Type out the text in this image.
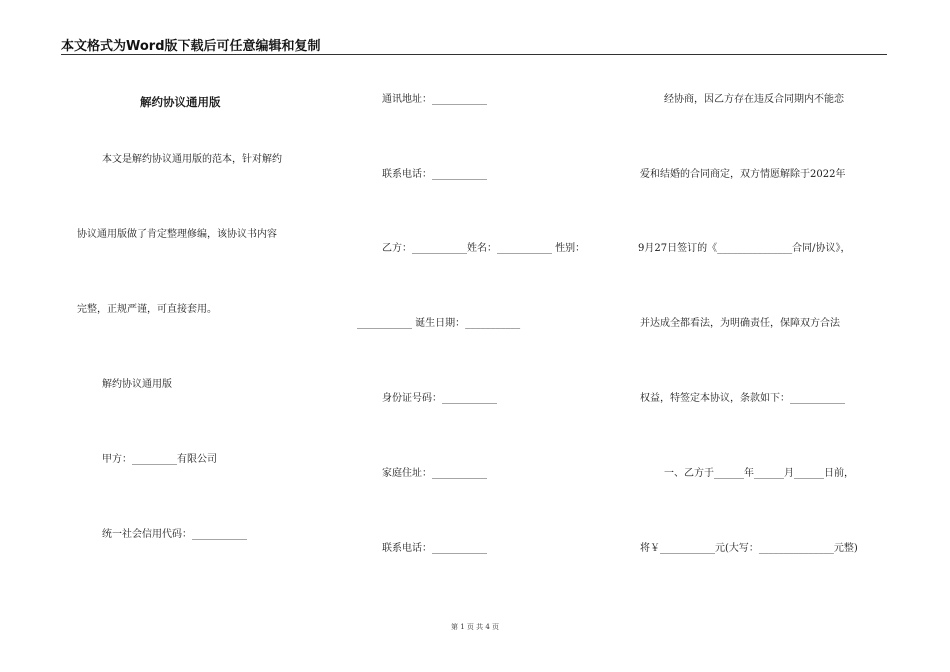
本文格式为Word版下载后可任意编辑和复制
解约协议通用版
本文是解约协议通用版的范本，针对解约
协议通用版做了肯定整理修编，该协议书内容
完整，正规严谨，可直接套用。
解约协议通用版
甲方：_________有限公司
统一社会信用代码：___________
通讯地址：___________
联系电话：___________
乙方：___________姓名：___________ 性别：
___________ 诞生日期：___________
身份证号码：___________
家庭住址：___________
联系电话：___________
经协商，因乙方存在违反合同期内不能恋
爱和结婚的合同商定，双方情愿解除于2022年
9月27日签订的《_______________合同/协议》，
并达成全都看法，为明确责任，保障双方合法
权益，特签定本协议，条款如下：___________
一、乙方于______年______月______日前，
将￥___________元(大写：_______________元整)
第 1 页 共 4 页
